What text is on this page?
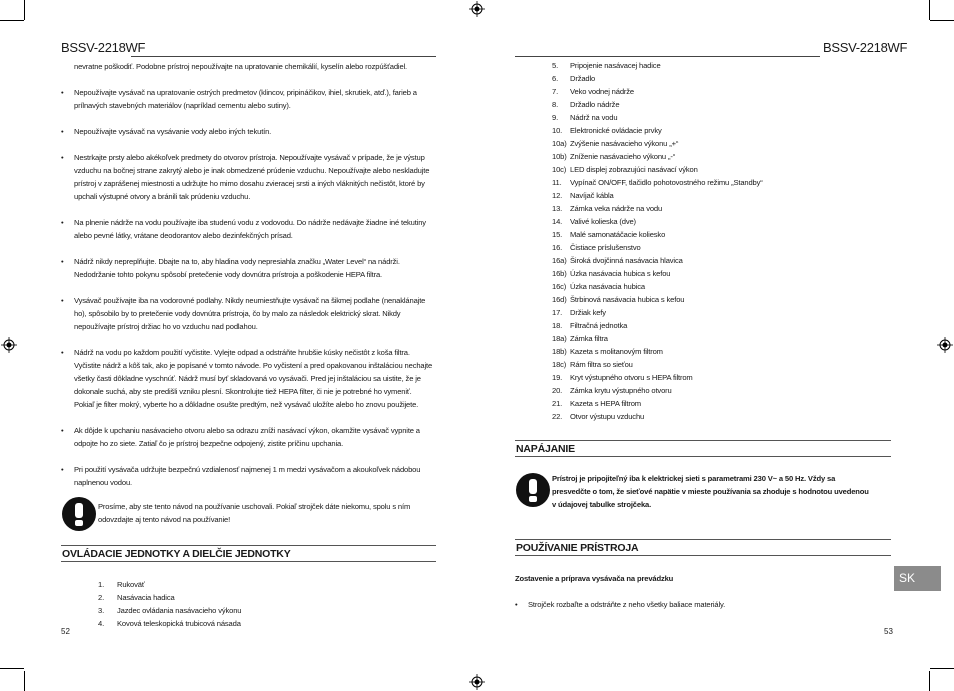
BSSV-2218WF	BSSV-2218WF
nevratne poškodiť. Podobne prístroj nepoužívajte na upratovanie chemikálií, kyselín alebo rozpúšťadiel.
• Nepoužívajte vysávač na upratovanie ostrých predmetov (klincov, pripináčikov, ihiel, skrutiek, atď.), farieb a
prílnavých stavebných materiálov (napríklad cementu alebo sutiny).
• Nepoužívajte vysávač na vysávanie vody alebo iných tekutín.
• Nestrkajte prsty alebo akékoľvek predmety do otvorov prístroja. Nepoužívajte vysávač v prípade, že je výstup
vzduchu na bočnej strane zakrytý alebo je inak obmedzené prúdenie vzduchu. Nepoužívajte alebo neskladujte
prístroj v zaprášenej miestnosti a udržujte ho mimo dosahu zvieracej srsti a iných vláknitých nečistôt, ktoré by
upchali výstupné otvory a bránili tak prúdeniu vzduchu.
• Na plnenie nádrže na vodu používajte iba studenú vodu z vodovodu. Do nádrže nedávajte žiadne iné tekutiny
alebo pevné látky, vrátane deodorantov alebo dezinfekčných prísad.
• Nádrž nikdy nepreplňujte. Dbajte na to, aby hladina vody nepresiahla značku „Water Level“ na nádrži.
Nedodržanie tohto pokynu spôsobí pretečenie vody dovnútra prístroja a poškodenie HEPA filtra.
• Vysávač používajte iba na vodorovné podlahy. Nikdy neumiestňujte vysávač na šikmej podlahe (nenaklánajte
ho), spôsobilo by to pretečenie vody dovnútra prístroja, čo by malo za následok elektrický skrat. Nikdy
nepoužívajte prístroj držiac ho vo vzduchu nad podlahou.
• Nádrž na vodu po každom použití vyčistite. Vylejte odpad a odstráňte hrubšie kúsky nečistôt z koša filtra.
Vyčistite nádrž a kôš tak, ako je popísané v tomto návode. Po vyčistení a pred opakovanou inštaláciou nechajte
všetky časti dôkladne vyschnúť. Nádrž musí byť skladovaná vo vysávači. Pred jej inštaláciou sa uistite, že je
dokonale suchá, aby ste predišli vzniku plesní. Skontrolujte tiež HEPA filter, či nie je potrebné ho vymeniť.
Pokiaľ je filter mokrý, vyberte ho a dôkladne osušte predtým, než vysávač uložíte alebo ho znovu použijete.
• Ak dôjde k upchaniu nasávacieho otvoru alebo sa odrazu zníži nasávací výkon, okamžite vysávač vypnite a
odpojte ho zo siete. Zatiaľ čo je prístroj bezpečne odpojený, zistite príčinu upchania.
• Pri použití vysávača udržujte bezpečnú vzdialenosť najmenej 1 m medzi vysávačom a akoukoľvek nádobou
naplnenou vodou.
Prosíme, aby ste tento návod na používanie uschovali. Pokiaľ strojček dáte niekomu, spolu s ním
odovzdajte aj tento návod na používanie!
OVLÁDACIE JEDNOTKY A DIELČIE JEDNOTKY
1.	Rukoväť
2.	Nasávacia hadica
3.	Jazdec ovládania nasávacieho výkonu
4.	Kovová teleskopická trubicová násada
52
5.	Pripojenie nasávacej hadice
6.	Držadlo
7.	Veko vodnej nádrže
8.	Držadlo nádrže
9.	Nádrž na vodu
10.	Elektronické ovládacie prvky
10a) Zvýšenie nasávacieho výkonu „+“
10b) Zníženie nasávacieho výkonu „-“
10c) LED displej zobrazujúci nasávací výkon
11.	Vypínač ON/OFF, tlačidlo pohotovostného režimu „Standby“
12.	Navíjač kábla
13.	Zámka veka nádrže na vodu
14.	Valivé kolieska (dve)
15.	Malé samonatáčacie koliesko
16.	Čistiace príslušenstvo
16a) Široká dvojčinná nasávacia hlavica
16b) Úzka nasávacia hubica s kefou
16c) Úzka nasávacia hubica
16d) Štrbinová nasávacia hubica s kefou
17.	Držiak kefy
18.	Filtračná jednotka
18a) Zámka filtra
18b) Kazeta s molitanovým filtrom
18c) Rám filtra so sieťou
19.	Kryt výstupného otvoru s HEPA filtrom
20.	Zámka krytu výstupného otvoru
21.	Kazeta s HEPA filtrom
22.	Otvor výstupu vzduchu
NAPÁJANIE
Prístroj je pripojiteľný iba k elektrickej sieti s parametrami 230 V~ a 50 Hz. Vždy sa
presvedčte o tom, že sieťové napätie v mieste používania sa zhoduje s hodnotou uvedenou
v údajovej tabulke strojčeka.
POUŽÍVANIE PRÍSTROJA
Zostavenie a príprava vysávača na prevádzku
• Strojček rozbaľte a odstráňte z neho všetky baliace materiály.
SK
53
